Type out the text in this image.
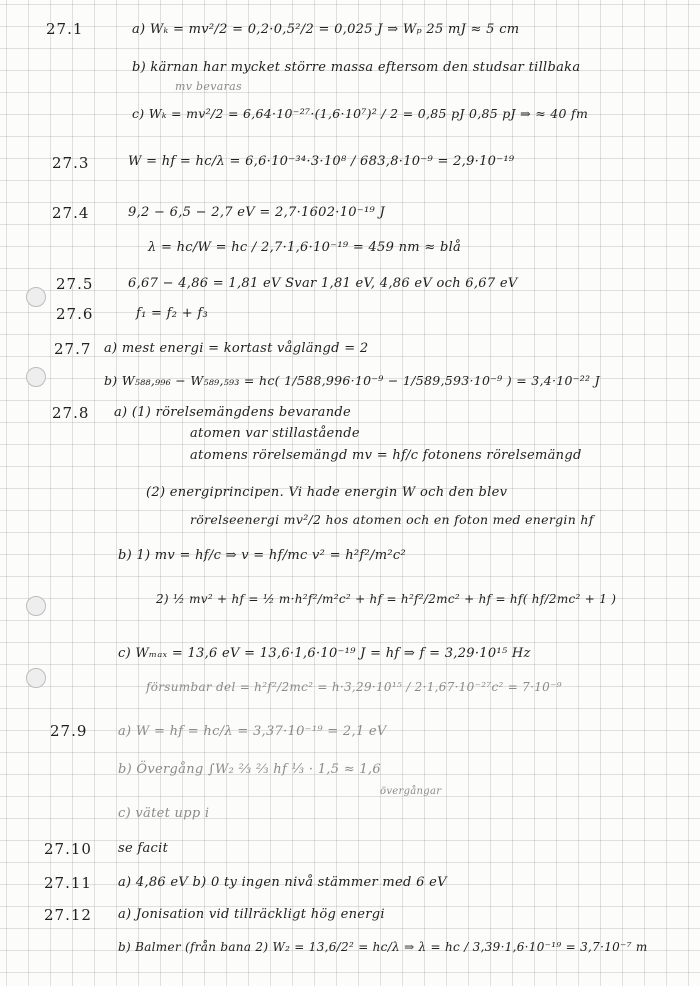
27.1	a) Wₖ = mv²/2 = 0,2·0,5²/2 = 0,025 J ⇒ Wₚ 25 mJ ≈ 5 cm
b) kärnan har mycket större massa eftersom den studsar tillbaka
mv bevaras
c) Wₖ = mv²/2 = 6,64·10⁻²⁷·(1,6·10⁷)² / 2 = 0,85 pJ 0,85 pJ ⇒ ≈ 40 fm
27.3	W = hf = hc/λ = 6,6·10⁻³⁴·3·10⁸ / 683,8·10⁻⁹ = 2,9·10⁻¹⁹
27.4	9,2 − 6,5 − 2,7 eV = 2,7·1602·10⁻¹⁹ J
λ = hc/W = hc / 2,7·1,6·10⁻¹⁹ = 459 nm ≈ blå
27.5	6,67 − 4,86 = 1,81 eV Svar 1,81 eV, 4,86 eV och 6,67 eV
27.6	f₁ = f₂ + f₃
27.7 a) mest energi = kortast våglängd = 2
b) W₅₈₈,₉₉₆ − W₅₈₉,₅₉₃ = hc( 1/588,996·10⁻⁹ − 1/589,593·10⁻⁹ ) = 3,4·10⁻²² J
27.8 a) (1) rörelsemängdens bevarande
atomen var stillastående
atomens rörelsemängd mv = hf/c fotonens rörelsemängd
(2) energiprincipen. Vi hade energin W och den blev
rörelseenergi mv²/2 hos atomen och en foton med energin hf
b) 1) mv = hf/c ⇒ v = hf/mc v² = h²f²/m²c²
2) ½ mv² + hf = ½ m·h²f²/m²c² + hf = h²f²/2mc² + hf = hf( hf/2mc² + 1 )
c) Wₘₐₓ = 13,6 eV = 13,6·1,6·10⁻¹⁹ J = hf ⇒ f = 3,29·10¹⁵ Hz
försumbar del = h²f²/2mc² = h·3,29·10¹⁵ / 2·1,67·10⁻²⁷c² = 7·10⁻⁹
27.9 a) W = hf = hc/λ = 3,37·10⁻¹⁹ = 2,1 eV
b) Övergång ∫W₂ ⅔ ⅔ hf ⅓ · 1,5 ≈ 1,6
övergångar
c) vätet upp i
27.10 se facit
27.11 a) 4,86 eV b) 0 ty ingen nivå stämmer med 6 eV
27.12 a) Jonisation vid tillräckligt hög energi
b) Balmer (från bana 2) W₂ = 13,6/2² = hc/λ ⇒ λ = hc / 3,39·1,6·10⁻¹⁹ = 3,7·10⁻⁷ m
